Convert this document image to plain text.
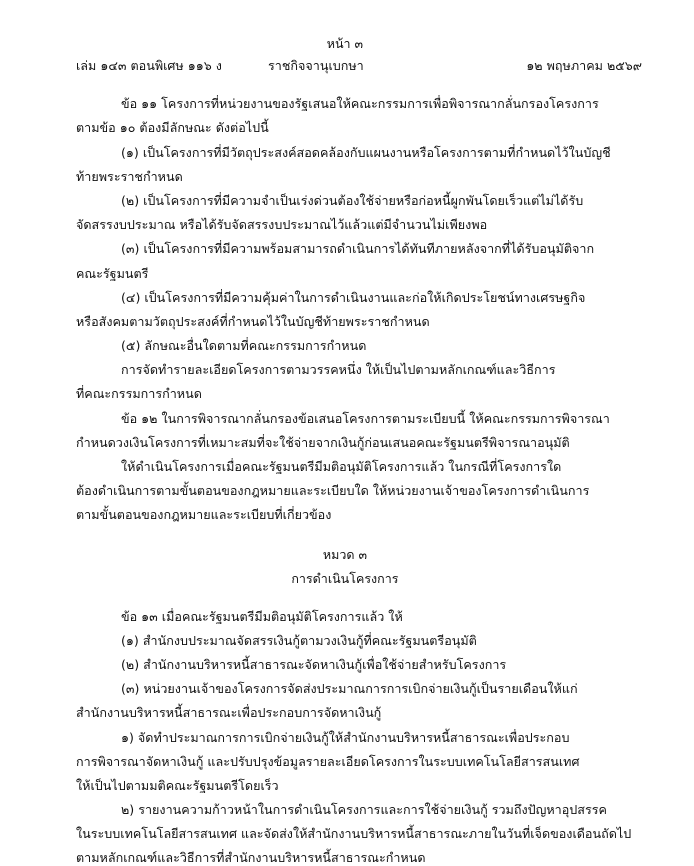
หน้า ๓
เล่ม ๑๔๓ ตอนพิเศษ ๑๑๖ ง	ราชกิจจานุเบกษา	๑๒ พฤษภาคม ๒๕๖๙
ข้อ ๑๑ โครงการที่หน่วยงานของรัฐเสนอให้คณะกรรมการเพื่อพิจารณากลั่นกรองโครงการ
ตามข้อ ๑๐ ต้องมีลักษณะ ดังต่อไปนี้
(๑) เป็นโครงการที่มีวัตถุประสงค์สอดคล้องกับแผนงานหรือโครงการตามที่กำหนดไว้ในบัญชี
ท้ายพระราชกำหนด
(๒) เป็นโครงการที่มีความจำเป็นเร่งด่วนต้องใช้จ่ายหรือก่อหนี้ผูกพันโดยเร็วแต่ไม่ได้รับ
จัดสรรงบประมาณ หรือได้รับจัดสรรงบประมาณไว้แล้วแต่มีจำนวนไม่เพียงพอ
(๓) เป็นโครงการที่มีความพร้อมสามารถดำเนินการได้ทันทีภายหลังจากที่ได้รับอนุมัติจาก
คณะรัฐมนตรี
(๔) เป็นโครงการที่มีความคุ้มค่าในการดำเนินงานและก่อให้เกิดประโยชน์ทางเศรษฐกิจ
หรือสังคมตามวัตถุประสงค์ที่กำหนดไว้ในบัญชีท้ายพระราชกำหนด
(๕) ลักษณะอื่นใดตามที่คณะกรรมการกำหนด
การจัดทำรายละเอียดโครงการตามวรรคหนึ่ง ให้เป็นไปตามหลักเกณฑ์และวิธีการ
ที่คณะกรรมการกำหนด
ข้อ ๑๒ ในการพิจารณากลั่นกรองข้อเสนอโครงการตามระเบียบนี้ ให้คณะกรรมการพิจารณา
กำหนดวงเงินโครงการที่เหมาะสมที่จะใช้จ่ายจากเงินกู้ก่อนเสนอคณะรัฐมนตรีพิจารณาอนุมัติ
ให้ดำเนินโครงการเมื่อคณะรัฐมนตรีมีมติอนุมัติโครงการแล้ว ในกรณีที่โครงการใด
ต้องดำเนินการตามขั้นตอนของกฎหมายและระเบียบใด ให้หน่วยงานเจ้าของโครงการดำเนินการ
ตามขั้นตอนของกฎหมายและระเบียบที่เกี่ยวข้อง
หมวด ๓
การดำเนินโครงการ
ข้อ ๑๓ เมื่อคณะรัฐมนตรีมีมติอนุมัติโครงการแล้ว ให้
(๑) สำนักงบประมาณจัดสรรเงินกู้ตามวงเงินกู้ที่คณะรัฐมนตรีอนุมัติ
(๒) สำนักงานบริหารหนี้สาธารณะจัดหาเงินกู้เพื่อใช้จ่ายสำหรับโครงการ
(๓) หน่วยงานเจ้าของโครงการจัดส่งประมาณการการเบิกจ่ายเงินกู้เป็นรายเดือนให้แก่
สำนักงานบริหารหนี้สาธารณะเพื่อประกอบการจัดหาเงินกู้
๑) จัดทำประมาณการการเบิกจ่ายเงินกู้ให้สำนักงานบริหารหนี้สาธารณะเพื่อประกอบ
การพิจารณาจัดหาเงินกู้ และปรับปรุงข้อมูลรายละเอียดโครงการในระบบเทคโนโลยีสารสนเทศ
ให้เป็นไปตามมติคณะรัฐมนตรีโดยเร็ว
๒) รายงานความก้าวหน้าในการดำเนินโครงการและการใช้จ่ายเงินกู้ รวมถึงปัญหาอุปสรรค
ในระบบเทคโนโลยีสารสนเทศ และจัดส่งให้สำนักงานบริหารหนี้สาธารณะภายในวันที่เจ็ดของเดือนถัดไป
ตามหลักเกณฑ์และวิธีการที่สำนักงานบริหารหนี้สาธารณะกำหนด
